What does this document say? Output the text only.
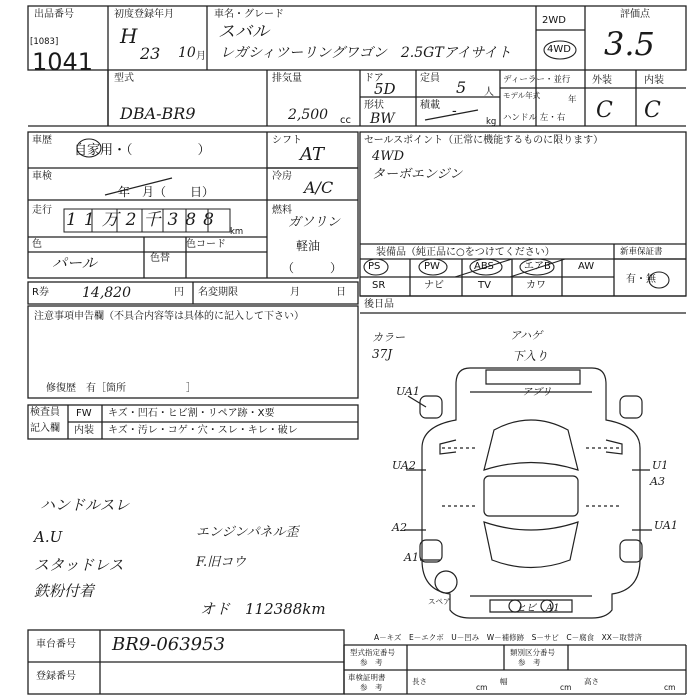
出品番号
[1083]
1041
初度登録年月
H
23 10 月
車名・グレード
スバル
レガシィツーリングワゴン　2.5GTアイサイト
2WD
4WD
評価点
3.5
型式
DBA-BR9
排気量
2,500 cc
ドア
5D
定員 5 人
形状
BW
積載 -
kg
ディーラー・並行
モデル年式	年
ハンドル 左・右
外装	内装
C C
車歴
自家用・（　　　　　）
シフト
AT
車検
年　月（　　日）
冷房
A/C
走行 11万2千388
km
燃料
ガソリン
軽油
（　　　）
色
パール	色替
色コード
R券 14,820	円 名変期限	月	日
セールスポイント（正常に機能するものに限ります）
4WD
ターボエンジン
装備品（純正品に○をつけてください）
PS	PW	ABS	エアB	AW
SR	ナビ	TV	カワ
後日品
新車保証書
有・無
注意事項申告欄（不具合内容等は具体的に記入して下さい）
修復歴　有［箇所　　　　　　］
検査員
記入欄
FW キズ・凹石・ヒビ割・リペア跡・X要
内装 キズ・汚レ・コゲ・穴・スレ・キレ・破レ
ハンドルスレ
A.U
スタッドレス
鉄粉付着
エンジンパネル歪
F.旧コウ
オド　112388km
カラー
37J
アハゲ
下入り
アブリ
UA1
UA2
A2
A1
U1
A3
UA1
スペア
ヒビ A1
A－キズ　E－エクボ　U－凹み　W－補修跡　S－サビ　C－腐食　XX－取替済
車台番号 BR9-063953
登録番号
型式指定番号
参　考
類別区分番号
参　考
車検証明書
参　考
長さ
cm
幅
cm
高さ
cm
